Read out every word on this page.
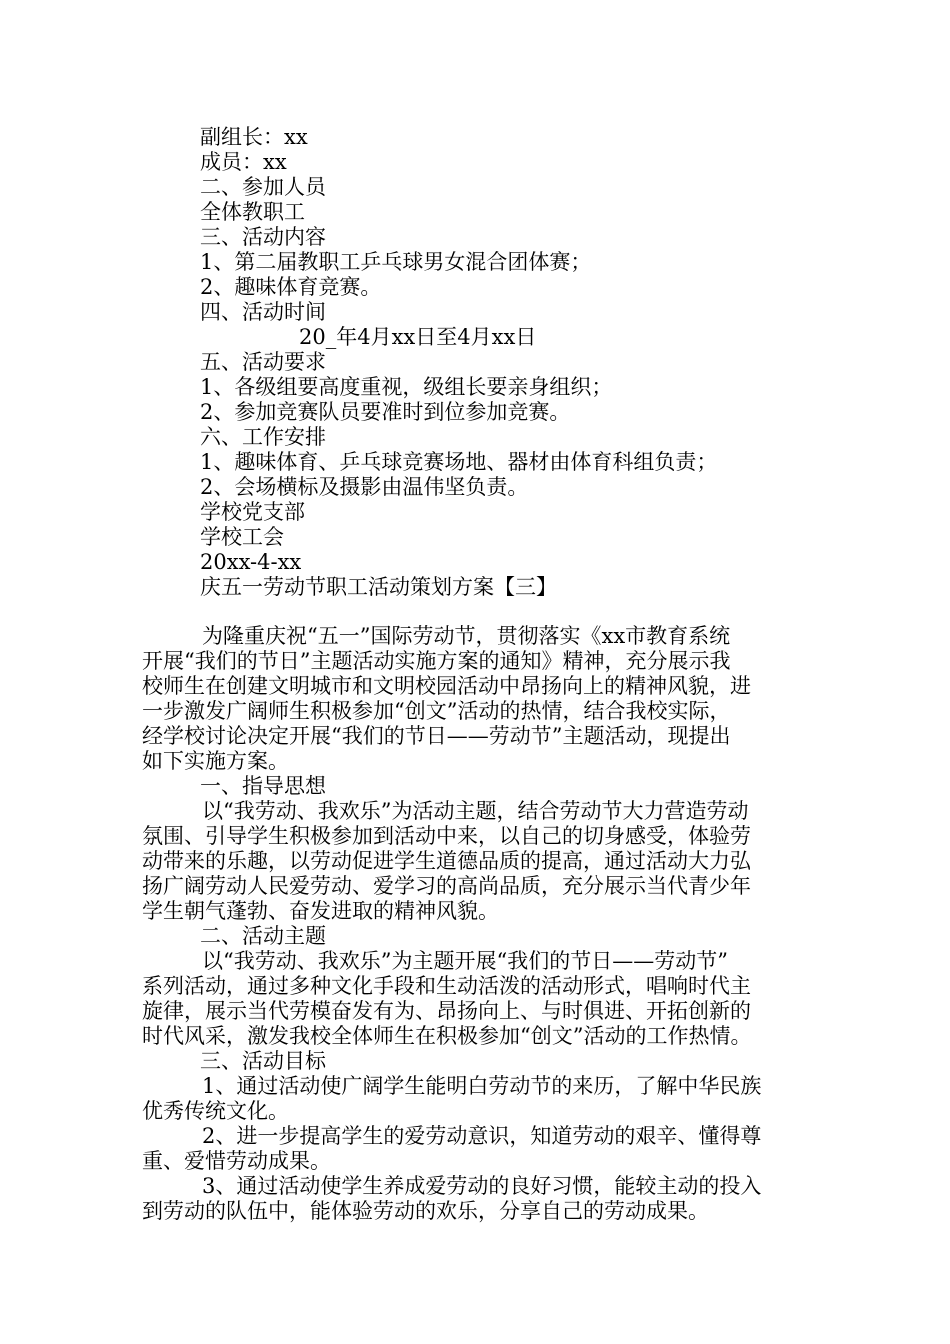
副组长：xx
成员：xx
二、参加人员
全体教职工
三、活动内容
1、第二届教职工乒乓球男女混合团体赛；
2、趣味体育竞赛。
四、活动时间
20_年4月xx日至4月xx日
五、活动要求
1、各级组要高度重视，级组长要亲身组织；
2、参加竞赛队员要准时到位参加竞赛。
六、工作安排
1、趣味体育、乒乓球竞赛场地、器材由体育科组负责；
2、会场横标及摄影由温伟坚负责。
学校党支部
学校工会
20xx-4-xx
庆五一劳动节职工活动策划方案【三】
为隆重庆祝“五一”国际劳动节，贯彻落实《xx市教育系统
开展“我们的节日”主题活动实施方案的通知》精神，充分展示我
校师生在创建文明城市和文明校园活动中昂扬向上的精神风貌，进
一步激发广阔师生积极参加“创文”活动的热情，结合我校实际，
经学校讨论决定开展“我们的节日——劳动节”主题活动，现提出
如下实施方案。
一、指导思想
以“我劳动、我欢乐”为活动主题，结合劳动节大力营造劳动
氛围、引导学生积极参加到活动中来，以自己的切身感受，体验劳
动带来的乐趣，以劳动促进学生道德品质的提高，通过活动大力弘
扬广阔劳动人民爱劳动、爱学习的高尚品质，充分展示当代青少年
学生朝气蓬勃、奋发进取的精神风貌。
二、活动主题
以“我劳动、我欢乐”为主题开展“我们的节日——劳动节”
系列活动，通过多种文化手段和生动活泼的活动形式，唱响时代主
旋律，展示当代劳模奋发有为、昂扬向上、与时俱进、开拓创新的
时代风采，激发我校全体师生在积极参加“创文”活动的工作热情。
三、活动目标
1、通过活动使广阔学生能明白劳动节的来历，了解中华民族
优秀传统文化。
2、进一步提高学生的爱劳动意识，知道劳动的艰辛、懂得尊
重、爱惜劳动成果。
3、通过活动使学生养成爱劳动的良好习惯，能较主动的投入
到劳动的队伍中，能体验劳动的欢乐，分享自己的劳动成果。
